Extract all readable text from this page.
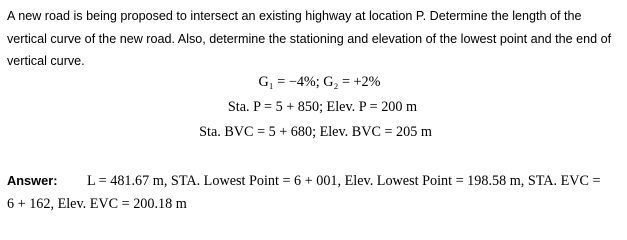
A new road is being proposed to intersect an existing highway at location P. Determine the length of the vertical curve of the new road. Also, determine the stationing and elevation of the lowest point and the end of vertical curve.

G₁ = −4%; G₂ = +2%
Sta. P = 5 + 850; Elev. P = 200 m
Sta. BVC = 5 + 680; Elev. BVC = 205 m
Answer: L = 481.67 m, STA. Lowest Point = 6 + 001, Elev. Lowest Point = 198.58 m, STA. EVC =
6 + 162, Elev. EVC = 200.18 m
